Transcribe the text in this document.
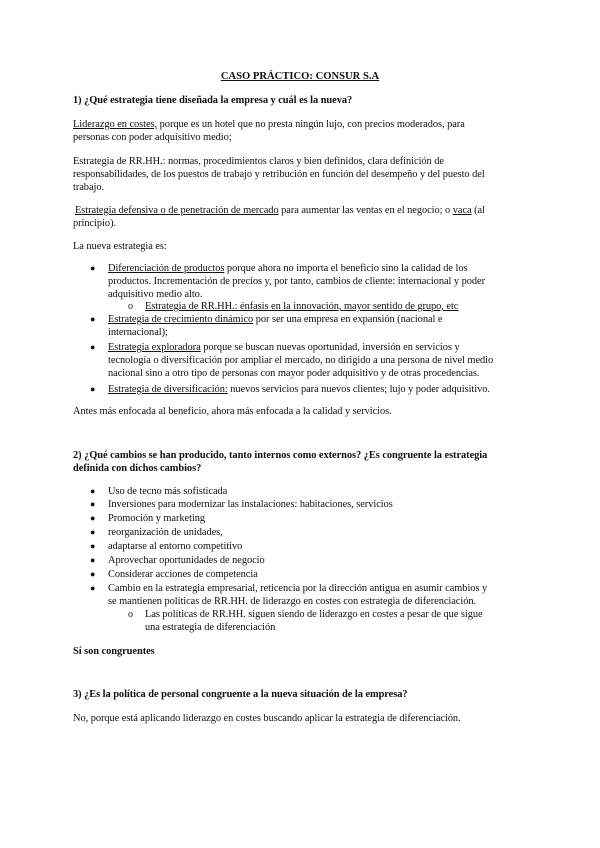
CASO PRÁCTICO: CONSUR S.A
1) ¿Qué estrategia tiene diseñada la empresa y cuál es la nueva?
Liderazgo en costes, porque es un hotel que no presta ningún lujo, con precios moderados, para
personas con poder adquisitivo medio;
Estrategia de RR.HH.: normas, procedimientos claros y bien definidos, clara definición de
responsabilidades, de los puestos de trabajo y retribución en función del desempeño y del puesto del
trabajo.
Estrategia defensiva o de penetración de mercado para aumentar las ventas en el negocio; o vaca (al
principio).
La nueva estrategia es:
● Diferenciación de productos porque ahora no importa el beneficio sino la calidad de los
productos. Incrementación de precios y, por tanto, cambios de cliente: internacional y poder
adquisitivo medio alto.
o Estrategia de RR.HH.: énfasis en la innovación, mayor sentido de grupo, etc
● Estrategia de crecimiento dinámico por ser una empresa en expansión (nacional e
internacional);
● Estrategia exploradora porque se buscan nuevas oportunidad, inversión en servicios y
tecnología o diversificación por ampliar el mercado, no dirigido a una persona de nivel medio
nacional sino a otro tipo de personas con mayor poder adquisitivo y de otras procedencias.
● Estrategia de diversificación: nuevos servicios para nuevos clientes; lujo y poder adquisitivo.
Antes más enfocada al beneficio, ahora más enfocada a la calidad y servicios.
2) ¿Qué cambios se han producido, tanto internos como externos? ¿Es congruente la estrategia
definida con dichos cambios?
● Uso de tecno más sofisticada
● Inversiones para modernizar las instalaciones: habitaciones, servicios
● Promoción y marketing
● reorganización de unidades,
● adaptarse al entorno competitivo
● Aprovechar oportunidades de negocio
● Considerar acciones de competencia
● Cambio en la estrategia empresarial, reticencia por la dirección antigua en asumir cambios y
se mantienen políticas de RR.HH. de liderazgo en costes con estrategia de diferenciación.
o Las políticas de RR.HH. siguen siendo de liderazgo en costes a pesar de que sigue
una estrategia de diferenciación
Sí son congruentes
3) ¿Es la política de personal congruente a la nueva situación de la empresa?
No, porque está aplicando liderazgo en costes buscando aplicar la estrategia de diferenciación.
